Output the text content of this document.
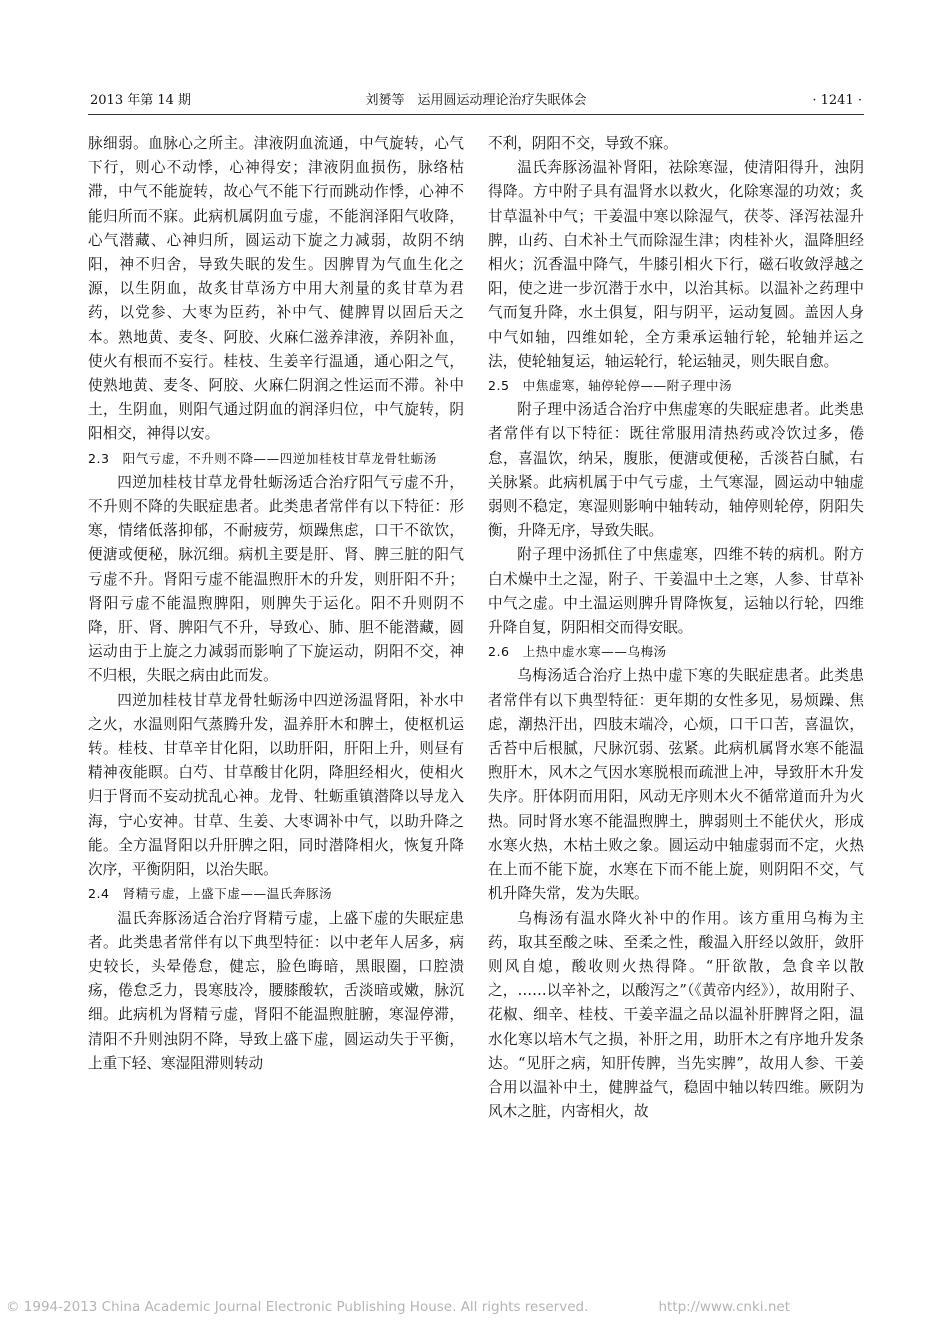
2013 年第 14 期	刘赟等　运用圆运动理论治疗失眠体会	· 1241 ·

脉细弱。血脉心之所主。津液阴血流通，中气旋转，心气下行，则心不动悸，心神得安；津液阴血损伤，脉络枯滞，中气不能旋转，故心气不能下行而跳动作悸，心神不能归所而不寐。此病机属阴血亏虚，不能润泽阳气收降，心气潜藏、心神归所，圆运动下旋之力减弱，故阴不纳阳，神不归舍，导致失眠的发生。因脾胃为气血生化之源，以生阴血，故炙甘草汤方中用大剂量的炙甘草为君药，以党参、大枣为臣药，补中气、健脾胃以固后天之本。熟地黄、麦冬、阿胶、火麻仁滋养津液，养阴补血，使火有根而不妄行。桂枝、生姜辛行温通，通心阳之气，使熟地黄、麦冬、阿胶、火麻仁阴润之性运而不滞。补中土，生阴血，则阳气通过阴血的润泽归位，中气旋转，阴阳相交，神得以安。

2.3　阳气亏虚，不升则不降——四逆加桂枝甘草龙骨牡蛎汤

四逆加桂枝甘草龙骨牡蛎汤适合治疗阳气亏虚不升，不升则不降的失眠症患者。此类患者常伴有以下特征：形寒，情绪低落抑郁，不耐疲劳，烦躁焦虑，口干不欲饮，便溏或便秘，脉沉细。病机主要是肝、肾、脾三脏的阳气亏虚不升。肾阳亏虚不能温煦肝木的升发，则肝阳不升；肾阳亏虚不能温煦脾阳，则脾失于运化。阳不升则阴不降，肝、肾、脾阳气不升，导致心、肺、胆不能潜藏，圆运动由于上旋之力减弱而影响了下旋运动，阴阳不交，神不归根，失眠之病由此而发。

四逆加桂枝甘草龙骨牡蛎汤中四逆汤温肾阳，补水中之火，水温则阳气蒸腾升发，温养肝木和脾土，使枢机运转。桂枝、甘草辛甘化阳，以助肝阳，肝阳上升，则昼有精神夜能瞑。白芍、甘草酸甘化阴，降胆经相火，使相火归于肾而不妄动扰乱心神。龙骨、牡蛎重镇潜降以导龙入海，宁心安神。甘草、生姜、大枣调补中气，以助升降之能。全方温肾阳以升肝脾之阳，同时潜降相火，恢复升降次序，平衡阴阳，以治失眠。

2.4　肾精亏虚，上盛下虚——温氏奔豚汤

温氏奔豚汤适合治疗肾精亏虚，上盛下虚的失眠症患者。此类患者常伴有以下典型特征：以中老年人居多，病史较长，头晕倦怠，健忘，脸色晦暗，黑眼圈，口腔溃疡，倦怠乏力，畏寒肢冷，腰膝酸软，舌淡暗或嫩，脉沉细。此病机为肾精亏虚，肾阳不能温煦脏腑，寒湿停滞，清阳不升则浊阴不降，导致上盛下虚，圆运动失于平衡，上重下轻、寒湿阻滞则转动

不利，阴阳不交，导致不寐。

温氏奔豚汤温补肾阳，祛除寒湿，使清阳得升，浊阴得降。方中附子具有温肾水以救火，化除寒湿的功效；炙甘草温补中气；干姜温中寒以除湿气，茯苓、泽泻祛湿升脾，山药、白术补土气而除湿生津；肉桂补火，温降胆经相火；沉香温中降气，牛膝引相火下行，磁石收敛浮越之阳，使之进一步沉潜于水中，以治其标。以温补之药理中气而复升降，水土俱复，阳与阴平，运动复圆。盖因人身中气如轴，四维如轮，全方秉承运轴行轮，轮轴并运之法，使轮轴复运，轴运轮行，轮运轴灵，则失眠自愈。

2.5　中焦虚寒，轴停轮停——附子理中汤

附子理中汤适合治疗中焦虚寒的失眠症患者。此类患者常伴有以下特征：既往常服用清热药或冷饮过多，倦怠，喜温饮，纳呆，腹胀，便溏或便秘，舌淡苔白腻，右关脉紧。此病机属于中气亏虚，土气寒湿，圆运动中轴虚弱则不稳定，寒湿则影响中轴转动，轴停则轮停，阴阳失衡，升降无序，导致失眠。

附子理中汤抓住了中焦虚寒，四维不转的病机。附方白术燥中土之湿，附子、干姜温中土之寒，人参、甘草补中气之虚。中土温运则脾升胃降恢复，运轴以行轮，四维升降自复，阴阳相交而得安眠。

2.6　上热中虚水寒——乌梅汤

乌梅汤适合治疗上热中虚下寒的失眠症患者。此类患者常伴有以下典型特征：更年期的女性多见，易烦躁、焦虑，潮热汗出，四肢末端冷，心烦，口干口苦，喜温饮，舌苔中后根腻，尺脉沉弱、弦紧。此病机属肾水寒不能温煦肝木，风木之气因水寒脱根而疏泄上冲，导致肝木升发失序。肝体阴而用阳，风动无序则木火不循常道而升为火热。同时肾水寒不能温煦脾土，脾弱则土不能伏火，形成水寒火热，木枯土败之象。圆运动中轴虚弱而不定，火热在上而不能下旋，水寒在下而不能上旋，则阴阳不交，气机升降失常，发为失眠。

乌梅汤有温水降火补中的作用。该方重用乌梅为主药，取其至酸之味、至柔之性，酸温入肝经以敛肝，敛肝则风自熄，酸收则火热得降。“肝欲散，急食辛以散之，……以辛补之，以酸泻之”（《黄帝内经》），故用附子、花椒、细辛、桂枝、干姜辛温之品以温补肝脾肾之阳，温水化寒以培木气之损，补肝之用，助肝木之有序地升发条达。“见肝之病，知肝传脾，当先实脾”，故用人参、干姜合用以温补中土，健脾益气，稳固中轴以转四维。厥阴为风木之脏，内寄相火，故

© 1994-2013 China Academic Journal Electronic Publishing House. All rights reserved.	http://www.cnki.net
